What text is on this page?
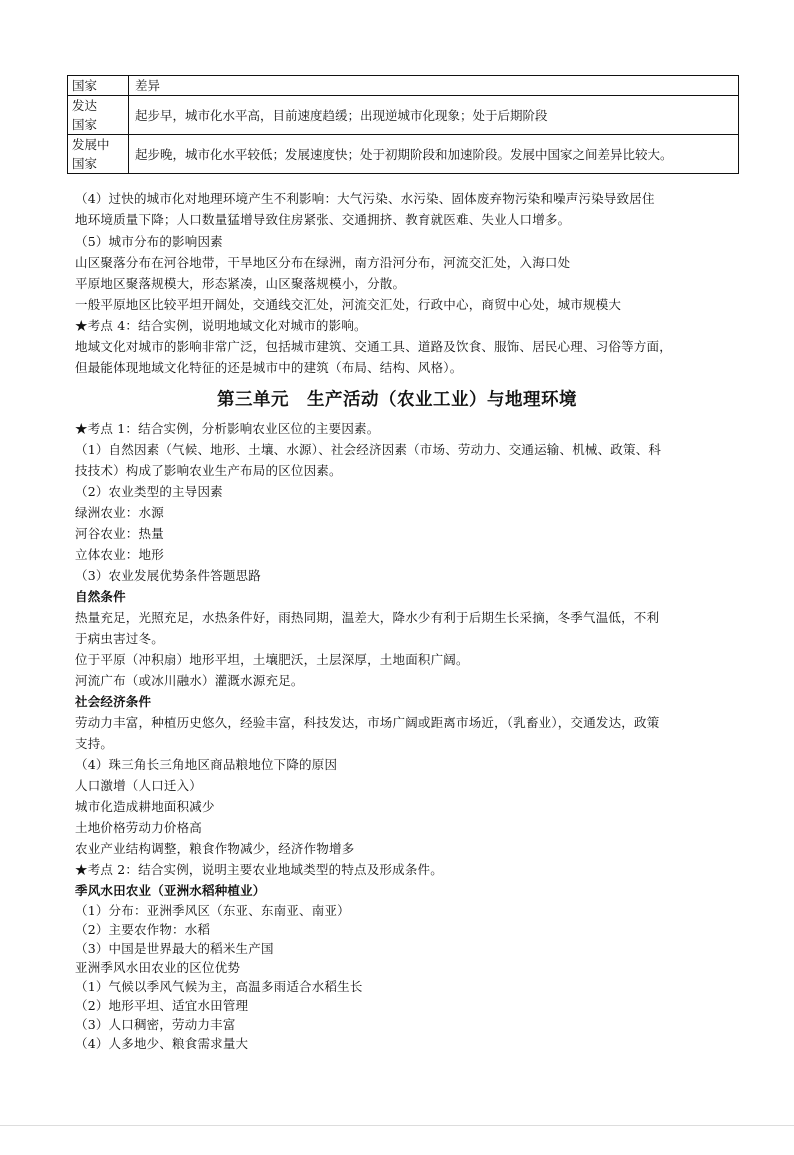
国家	差异

发达
国家	起步早，城市化水平高，目前速度趋缓；出现逆城市化现象；处于后期阶段

发展中
国家	起步晚，城市化水平较低；发展速度快；处于初期阶段和加速阶段。发展中国家之间差异比较大。
（4）过快的城市化对地理环境产生不利影响：大气污染、水污染、固体废弃物污染和噪声污染导致居住
地环境质量下降；人口数量猛增导致住房紧张、交通拥挤、教育就医难、失业人口增多。
（5）城市分布的影响因素
山区聚落分布在河谷地带，干旱地区分布在绿洲，南方沿河分布，河流交汇处，入海口处
平原地区聚落规模大，形态紧凑，山区聚落规模小，分散。
一般平原地区比较平坦开阔处，交通线交汇处，河流交汇处，行政中心，商贸中心处，城市规模大
★考点 4：结合实例，说明地域文化对城市的影响。
地域文化对城市的影响非常广泛，包括城市建筑、交通工具、道路及饮食、服饰、居民心理、习俗等方面，
但最能体现地域文化特征的还是城市中的建筑（布局、结构、风格）。
第三单元　生产活动（农业工业）与地理环境
★考点 1：结合实例，分析影响农业区位的主要因素。
（1）自然因素（气候、地形、土壤、水源）、社会经济因素（市场、劳动力、交通运输、机械、政策、科
技技术）构成了影响农业生产布局的区位因素。
（2）农业类型的主导因素
绿洲农业：水源
河谷农业：热量
立体农业：地形
（3）农业发展优势条件答题思路
自然条件
热量充足，光照充足，水热条件好，雨热同期，温差大，降水少有利于后期生长采摘，冬季气温低，不利
于病虫害过冬。
位于平原（冲积扇）地形平坦，土壤肥沃，土层深厚，土地面积广阔。
河流广布（或冰川融水）灌溉水源充足。
社会经济条件
劳动力丰富，种植历史悠久，经验丰富，科技发达，市场广阔或距离市场近，（乳畜业），交通发达，政策
支持。
（4）珠三角长三角地区商品粮地位下降的原因
人口激增（人口迁入）
城市化造成耕地面积减少
土地价格劳动力价格高
农业产业结构调整，粮食作物减少，经济作物增多
★考点 2：结合实例，说明主要农业地域类型的特点及形成条件。
季风水田农业（亚洲水稻种植业）
（1）分布：亚洲季风区（东亚、东南亚、南亚）
（2）主要农作物：水稻
（3）中国是世界最大的稻米生产国
亚洲季风水田农业的区位优势
（1）气候以季风气候为主，高温多雨适合水稻生长
（2）地形平坦、适宜水田管理
（3）人口稠密，劳动力丰富
（4）人多地少、粮食需求量大
